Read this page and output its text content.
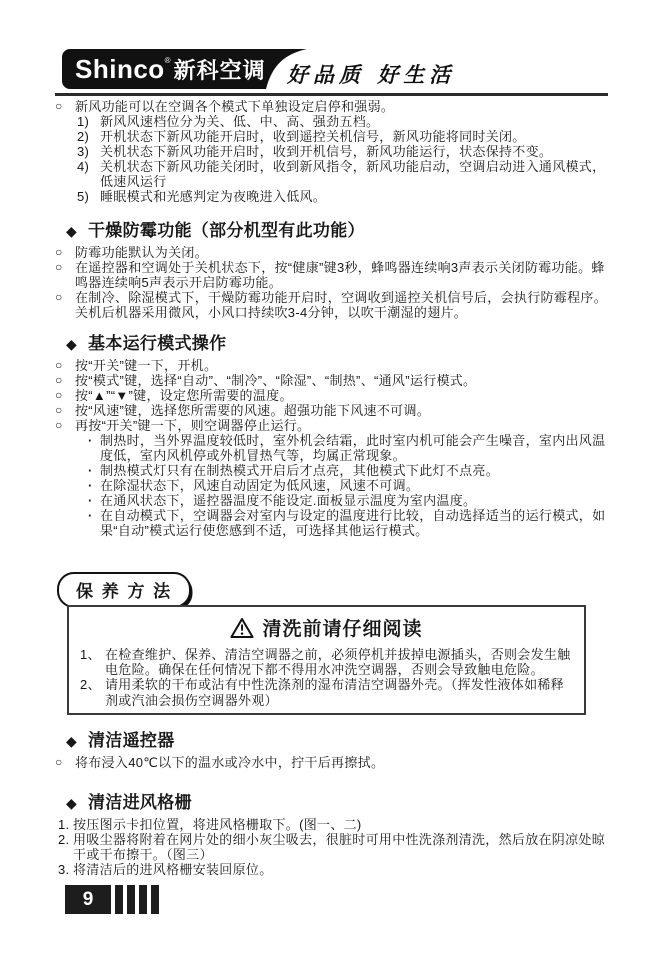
Shinco ® 新科空调 好品质 好生活
○ 新风功能可以在空调各个模式下单独设定启停和强弱。
1) 新风风速档位分为关、低、中、高、强劲五档。
2) 开机状态下新风功能开启时，收到遥控关机信号，新风功能将同时关闭。
3) 关机状态下新风功能开启时，收到开机信号，新风功能运行，状态保持不变。
4) 关机状态下新风功能关闭时，收到新风指令，新风功能启动，空调启动进入通风模式，低速风运行
5) 睡眠模式和光感判定为夜晚进入低风。
◆ 干燥防霉功能（部分机型有此功能）
○ 防霉功能默认为关闭。
○ 在遥控器和空调处于关机状态下，按“健康”键3秒，蜂鸣器连续响3声表示关闭防霉功能。蜂鸣器连续响5声表示开启防霉功能。
○ 在制冷、除湿模式下，干燥防霉功能开启时，空调收到遥控关机信号后，会执行防霉程序。关机后机器采用微风，小风口持续吹3-4分钟，以吹干潮湿的翅片。
◆ 基本运行模式操作
○ 按“开关”键一下，开机。
○ 按“模式”键，选择“自动”、“制冷”、“除湿”、“制热”、“通风”运行模式。
○ 按“▲”“▼”键，设定您所需要的温度。
○ 按“风速”键，选择您所需要的风速。超强功能下风速不可调。
○ 再按“开关”键一下，则空调器停止运行。
· 制热时，当外界温度较低时，室外机会结霜，此时室内机可能会产生噪音，室内出风温度低，室内风机停或外机冒热气等，均属正常现象。
· 制热模式灯只有在制热模式开启后才点亮，其他模式下此灯不点亮。
· 在除湿状态下，风速自动固定为低风速，风速不可调。
· 在通风状态下，遥控器温度不能设定.面板显示温度为室内温度。
· 在自动模式下，空调器会对室内与设定的温度进行比较，自动选择适当的运行模式，如果“自动”模式运行使您感到不适，可选择其他运行模式。
保 养 方 法
清洗前请仔细阅读
1、 在检查维护、保养、清洁空调器之前，必须停机并拔掉电源插头，否则会发生触电危险。确保在任何情况下都不得用水冲洗空调器，否则会导致触电危险。
2、 请用柔软的干布或沾有中性洗涤剂的湿布清洁空调器外壳。（挥发性液体如稀释剂或汽油会损伤空调器外观）
◆ 清洁遥控器
○ 将布浸入40℃以下的温水或冷水中，拧干后再擦拭。
◆ 清洁进风格栅
1. 按压图示卡扣位置，将进风格栅取下。(图一、二)
2. 用吸尘器将附着在网片处的细小灰尘吸去，很脏时可用中性洗涤剂清洗，然后放在阴凉处晾干或干布擦干。（图三）
3. 将清洁后的进风格栅安装回原位。
9
